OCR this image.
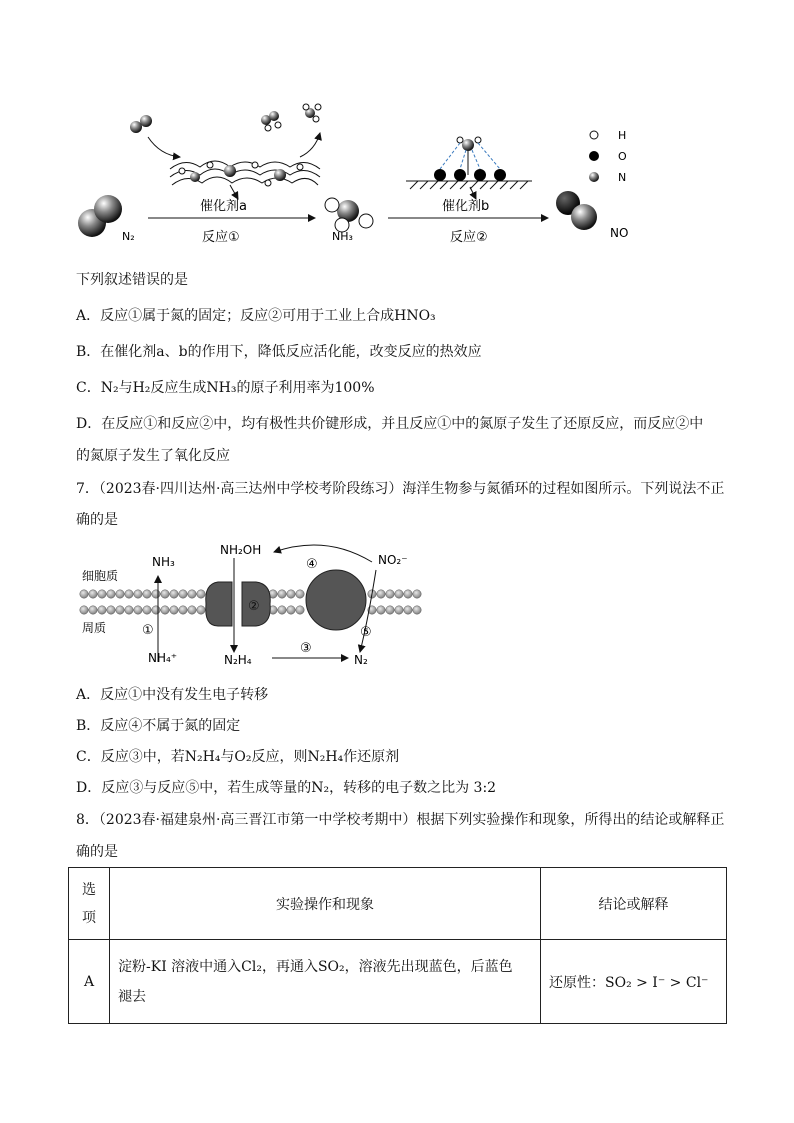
N₂
催化剂a
反应①	NH₃
催化剂b
反应②	NO
H
O
N
下列叙述错误的是
A．反应①属于氮的固定；反应②可用于工业上合成HNO₃
B．在催化剂a、b的作用下，降低反应活化能，改变反应的热效应
C．N₂与H₂反应生成NH₃的原子利用率为100%
D．在反应①和反应②中，均有极性共价键形成，并且反应①中的氮原子发生了还原反应，而反应②中
的氮原子发生了氧化反应
7．（2023春·四川达州·高三达州中学校考阶段练习）海洋生物参与氮循环的过程如图所示。下列说法不正
确的是
细胞质
周质
②
NH₃
NH₄⁺
①
NH₂OH
N₂H₄
④	NO₂⁻
⑤
③
N₂
A．反应①中没有发生电子转移
B．反应④不属于氮的固定
C．反应③中，若N₂H₄与O₂反应，则N₂H₄作还原剂
D．反应③与反应⑤中，若生成等量的N₂，转移的电子数之比为 3:2
8．（2023春·福建泉州·高三晋江市第一中学校考期中）根据下列实验操作和现象，所得出的结论或解释正
确的是
选
项	实验操作和现象	结论或解释
A	淀粉-KI 溶液中通入Cl₂，再通入SO₂，溶液先出现蓝色，后蓝色
褪去	还原性：SO₂ > I⁻ > Cl⁻
